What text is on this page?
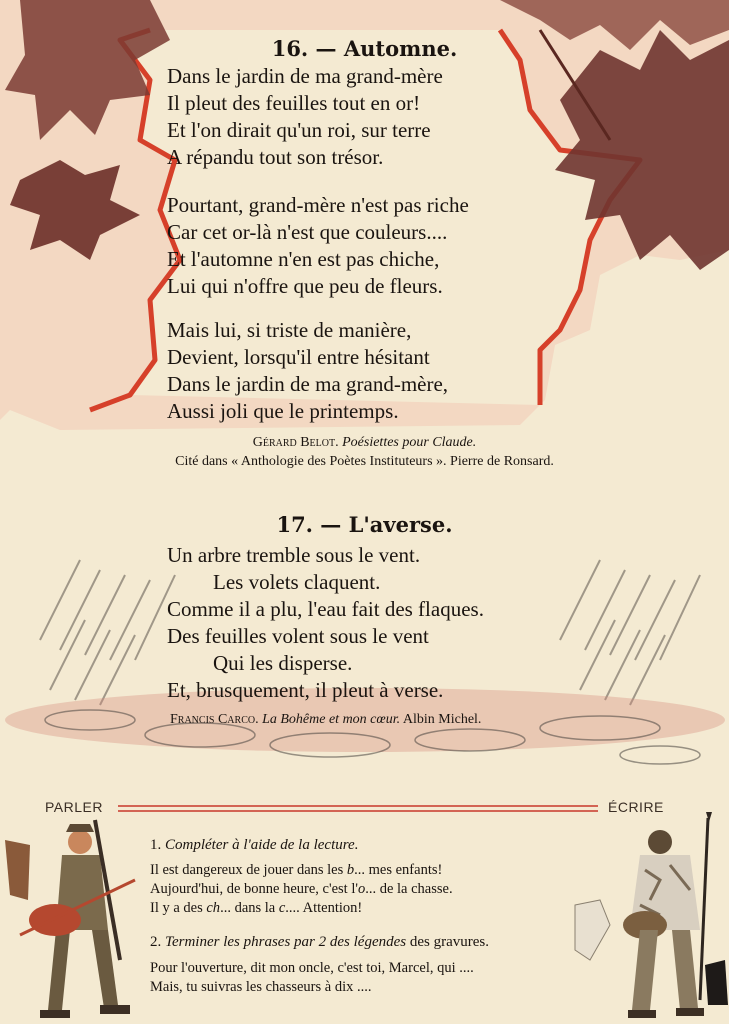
16. — Automne.

Dans le jardin de ma grand-mère

Il pleut des feuilles tout en or!

Et l'on dirait qu'un roi, sur terre

A répandu tout son trésor.

Pourtant, grand-mère n'est pas riche

Car cet or-là n'est que couleurs....

Et l'automne n'en est pas chiche,

Lui qui n'offre que peu de fleurs.

Mais lui, si triste de manière,

Devient, lorsqu'il entre hésitant

Dans le jardin de ma grand-mère,

Aussi joli que le printemps.

Gérard Belot. Poésiettes pour Claude.

Cité dans « Anthologie des Poètes Instituteurs ». Pierre de Ronsard.

17. — L'averse.

Un arbre tremble sous le vent.

Les volets claquent.

Comme il a plu, l'eau fait des flaques.

Des feuilles volent sous le vent

Qui les disperse.

Et, brusquement, il pleut à verse.

Francis Carco. La Bohême et mon cœur. Albin Michel.

PARLER	ÉCRIRE

1. Compléter à l'aide de la lecture.

Il est dangereux de jouer dans les b... mes enfants!

Aujourd'hui, de bonne heure, c'est l'o... de la chasse.

Il y a des ch... dans la c.... Attention!

2. Terminer les phrases par 2 des légendes des gravures.

Pour l'ouverture, dit mon oncle, c'est toi, Marcel, qui ....

Mais, tu suivras les chasseurs à dix ....
